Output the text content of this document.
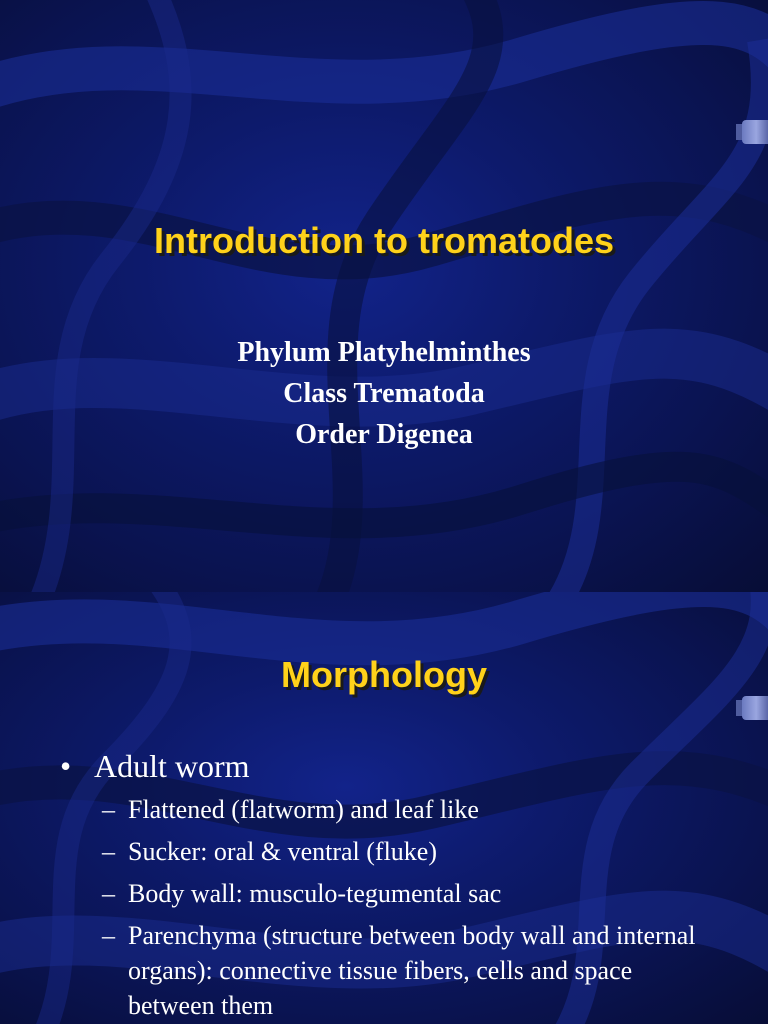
Introduction to tromatodes
Phylum Platyhelminthes
Class Trematoda
Order Digenea
Morphology
• Adult worm
– Flattened (flatworm) and leaf like
– Sucker: oral & ventral (fluke)
– Body wall: musculo-tegumental sac
– Parenchyma (structure between body wall and internal organs): connective tissue fibers, cells and space between them
